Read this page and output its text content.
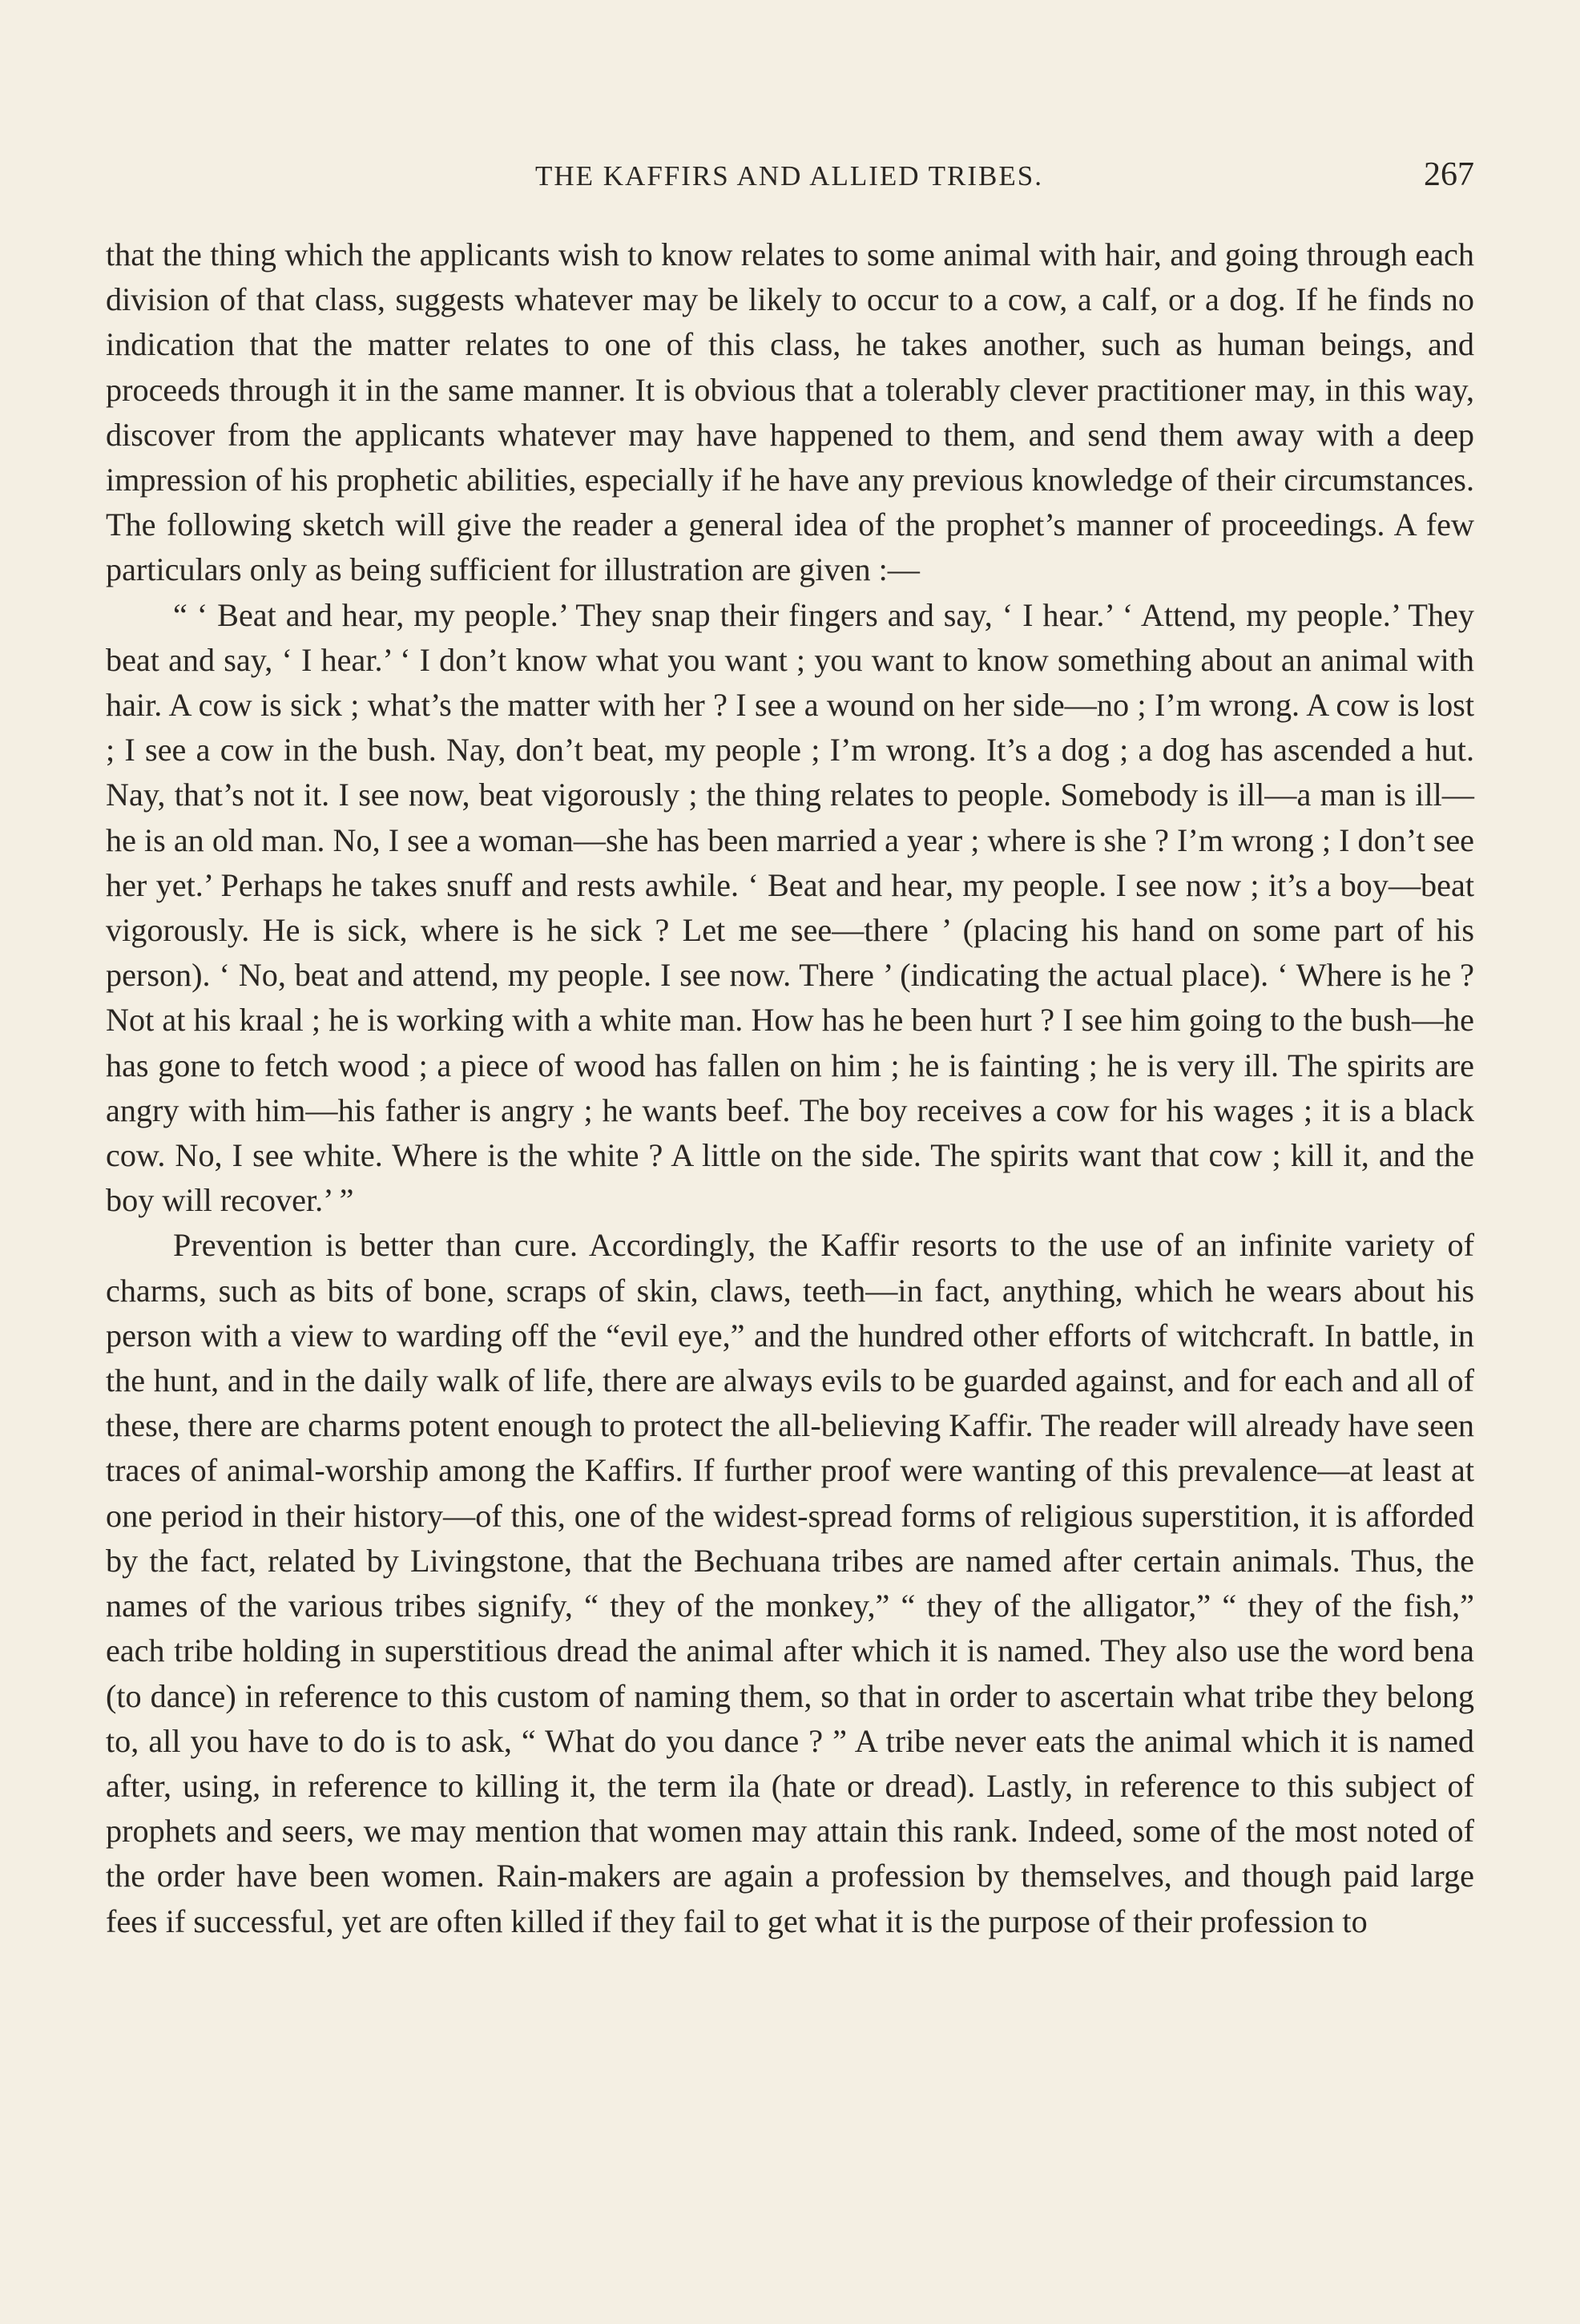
THE KAFFIRS AND ALLIED TRIBES.	267

that the thing which the applicants wish to know relates to some animal with hair, and going through each division of that class, suggests whatever may be likely to occur to a cow, a calf, or a dog. If he finds no indication that the matter relates to one of this class, he takes another, such as human beings, and proceeds through it in the same manner. It is obvious that a tolerably clever practitioner may, in this way, discover from the applicants whatever may have happened to them, and send them away with a deep impression of his prophetic abilities, especially if he have any previous knowledge of their circumstances. The following sketch will give the reader a general idea of the prophet’s manner of proceedings. A few particulars only as being sufficient for illustration are given :—

“ ‘ Beat and hear, my people.’ They snap their fingers and say, ‘ I hear.’ ‘ Attend, my people.’ They beat and say, ‘ I hear.’ ‘ I don’t know what you want ; you want to know something about an animal with hair. A cow is sick ; what’s the matter with her ? I see a wound on her side—no ; I’m wrong. A cow is lost ; I see a cow in the bush. Nay, don’t beat, my people ; I’m wrong. It’s a dog ; a dog has ascended a hut. Nay, that’s not it. I see now, beat vigorously ; the thing relates to people. Somebody is ill—a man is ill—he is an old man. No, I see a woman—she has been married a year ; where is she ? I’m wrong ; I don’t see her yet.’ Perhaps he takes snuff and rests awhile. ‘ Beat and hear, my people. I see now ; it’s a boy—beat vigorously. He is sick, where is he sick ? Let me see—there ’ (placing his hand on some part of his person). ‘ No, beat and attend, my people. I see now. There ’ (indicating the actual place). ‘ Where is he ? Not at his kraal ; he is working with a white man. How has he been hurt ? I see him going to the bush—he has gone to fetch wood ; a piece of wood has fallen on him ; he is fainting ; he is very ill. The spirits are angry with him—his father is angry ; he wants beef. The boy receives a cow for his wages ; it is a black cow. No, I see white. Where is the white ? A little on the side. The spirits want that cow ; kill it, and the boy will recover.’ ”

Prevention is better than cure. Accordingly, the Kaffir resorts to the use of an infinite variety of charms, such as bits of bone, scraps of skin, claws, teeth—in fact, anything, which he wears about his person with a view to warding off the “evil eye,” and the hundred other efforts of witchcraft. In battle, in the hunt, and in the daily walk of life, there are always evils to be guarded against, and for each and all of these, there are charms potent enough to protect the all-believing Kaffir. The reader will already have seen traces of animal-worship among the Kaffirs. If further proof were wanting of this prevalence—at least at one period in their history—of this, one of the widest-spread forms of religious superstition, it is afforded by the fact, related by Livingstone, that the Bechuana tribes are named after certain animals. Thus, the names of the various tribes signify, “ they of the monkey,” “ they of the alligator,” “ they of the fish,” each tribe holding in superstitious dread the animal after which it is named. They also use the word bena (to dance) in reference to this custom of naming them, so that in order to ascertain what tribe they belong to, all you have to do is to ask, “ What do you dance ? ” A tribe never eats the animal which it is named after, using, in reference to killing it, the term ila (hate or dread). Lastly, in reference to this subject of prophets and seers, we may mention that women may attain this rank. Indeed, some of the most noted of the order have been women. Rain-makers are again a profession by themselves, and though paid large fees if successful, yet are often killed if they fail to get what it is the purpose of their profession to
